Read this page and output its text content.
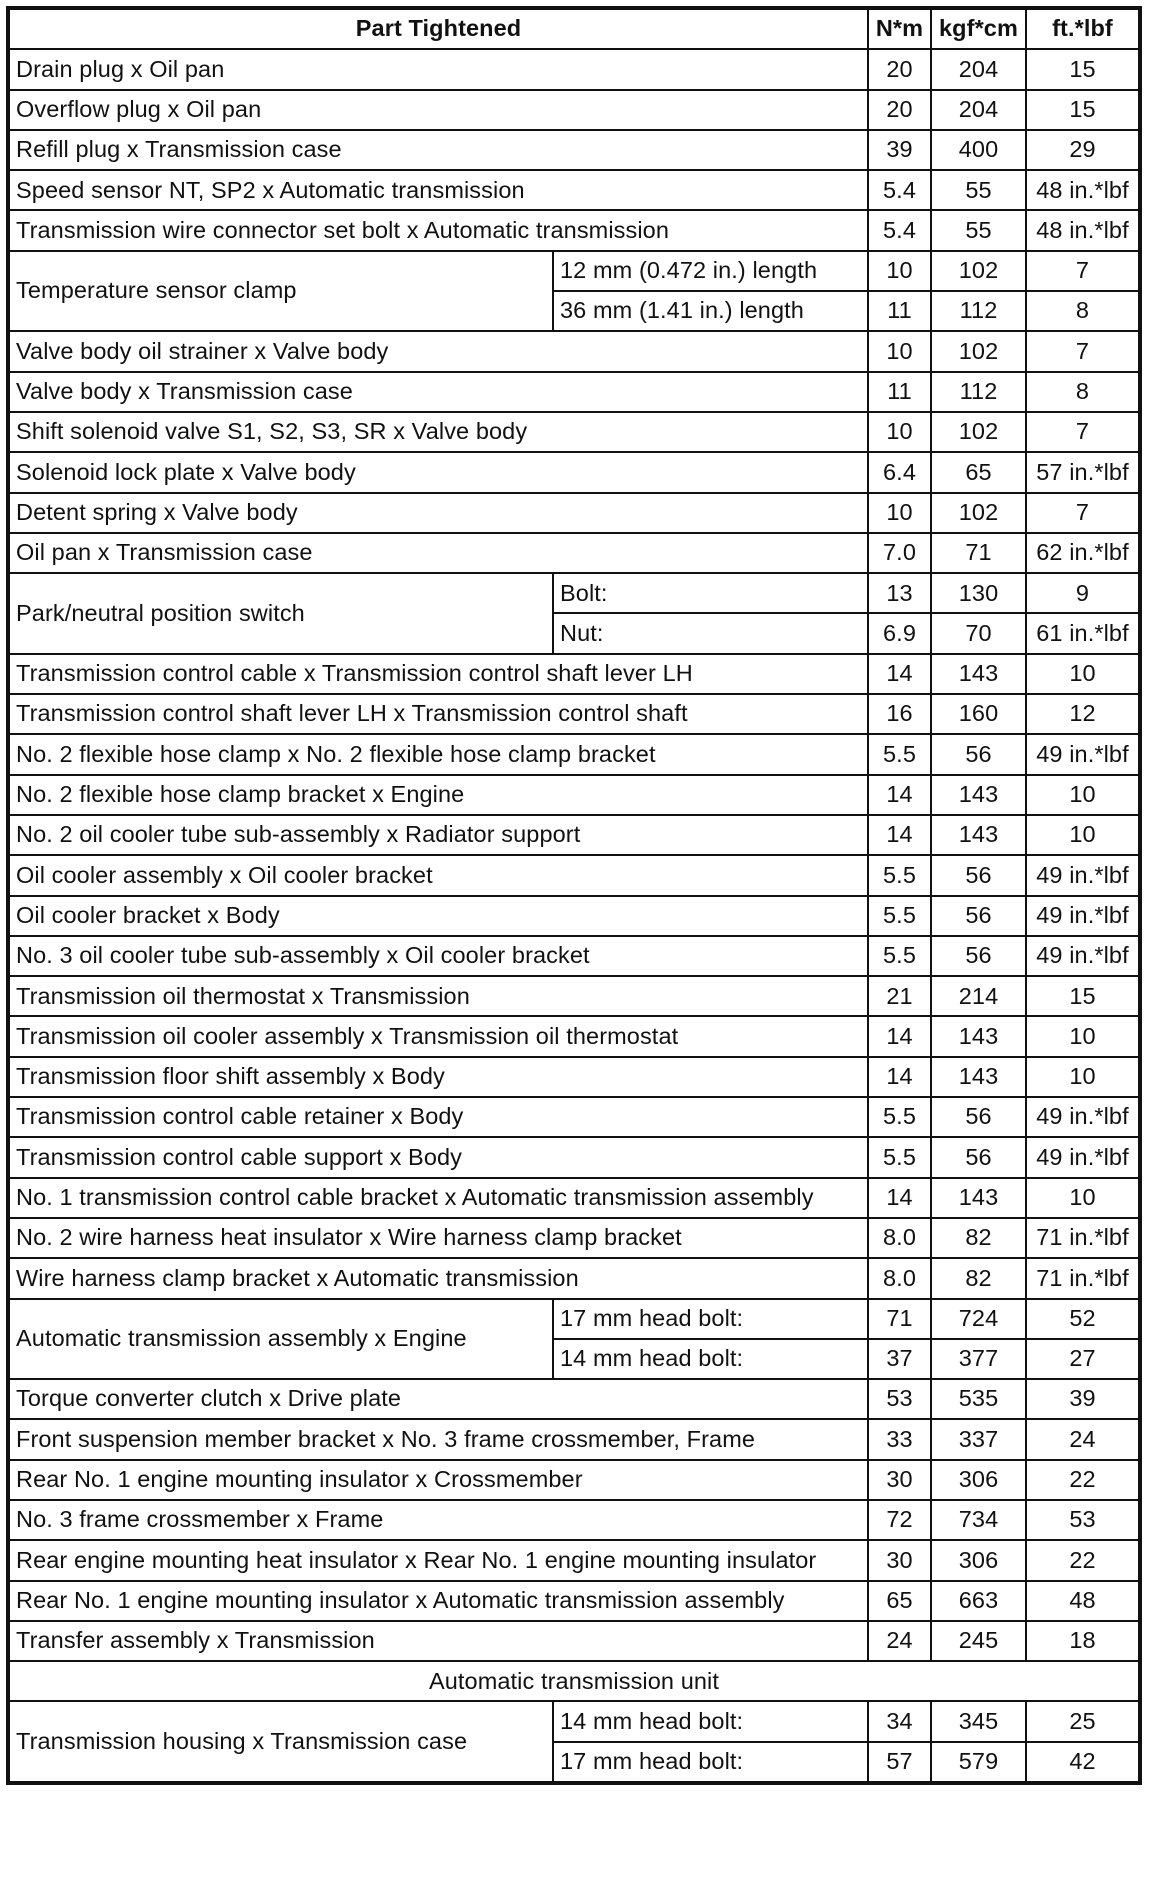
Part Tightened		N*m	kgf*cm	ft.*lbf
Drain plug x Oil pan		20	204	15
Overflow plug x Oil pan		20	204	15
Refill plug x Transmission case		39	400	29
Speed sensor NT, SP2 x Automatic transmission		5.4	55	48 in.*lbf
Transmission wire connector set bolt x Automatic transmission		5.4	55	48 in.*lbf
Temperature sensor clamp	12 mm (0.472 in.) length	10	102	7
	36 mm (1.41 in.) length	11	112	8
Valve body oil strainer x Valve body		10	102	7
Valve body x Transmission case		11	112	8
Shift solenoid valve S1, S2, S3, SR x Valve body		10	102	7
Solenoid lock plate x Valve body		6.4	65	57 in.*lbf
Detent spring x Valve body		10	102	7
Oil pan x Transmission case		7.0	71	62 in.*lbf
Park/neutral position switch	Bolt:	13	130	9
	Nut:	6.9	70	61 in.*lbf
Transmission control cable x Transmission control shaft lever LH		14	143	10
Transmission control shaft lever LH x Transmission control shaft		16	160	12
No. 2 flexible hose clamp x No. 2 flexible hose clamp bracket		5.5	56	49 in.*lbf
No. 2 flexible hose clamp bracket x Engine		14	143	10
No. 2 oil cooler tube sub-assembly x Radiator support		14	143	10
Oil cooler assembly x Oil cooler bracket		5.5	56	49 in.*lbf
Oil cooler bracket x Body		5.5	56	49 in.*lbf
No. 3 oil cooler tube sub-assembly x Oil cooler bracket		5.5	56	49 in.*lbf
Transmission oil thermostat x Transmission		21	214	15
Transmission oil cooler assembly x Transmission oil thermostat		14	143	10
Transmission floor shift assembly x Body		14	143	10
Transmission control cable retainer x Body		5.5	56	49 in.*lbf
Transmission control cable support x Body		5.5	56	49 in.*lbf
No. 1 transmission control cable bracket x Automatic transmission assembly		14	143	10
No. 2 wire harness heat insulator x Wire harness clamp bracket		8.0	82	71 in.*lbf
Wire harness clamp bracket x Automatic transmission		8.0	82	71 in.*lbf
Automatic transmission assembly x Engine	17 mm head bolt:	71	724	52
	14 mm head bolt:	37	377	27
Torque converter clutch x Drive plate		53	535	39
Front suspension member bracket x No. 3 frame crossmember, Frame		33	337	24
Rear No. 1 engine mounting insulator x Crossmember		30	306	22
No. 3 frame crossmember x Frame		72	734	53
Rear engine mounting heat insulator x Rear No. 1 engine mounting insulator		30	306	22
Rear No. 1 engine mounting insulator x Automatic transmission assembly		65	663	48
Transfer assembly x Transmission		24	245	18
Automatic transmission unit				
Transmission housing x Transmission case	14 mm head bolt:	34	345	25
	17 mm head bolt:	57	579	42
